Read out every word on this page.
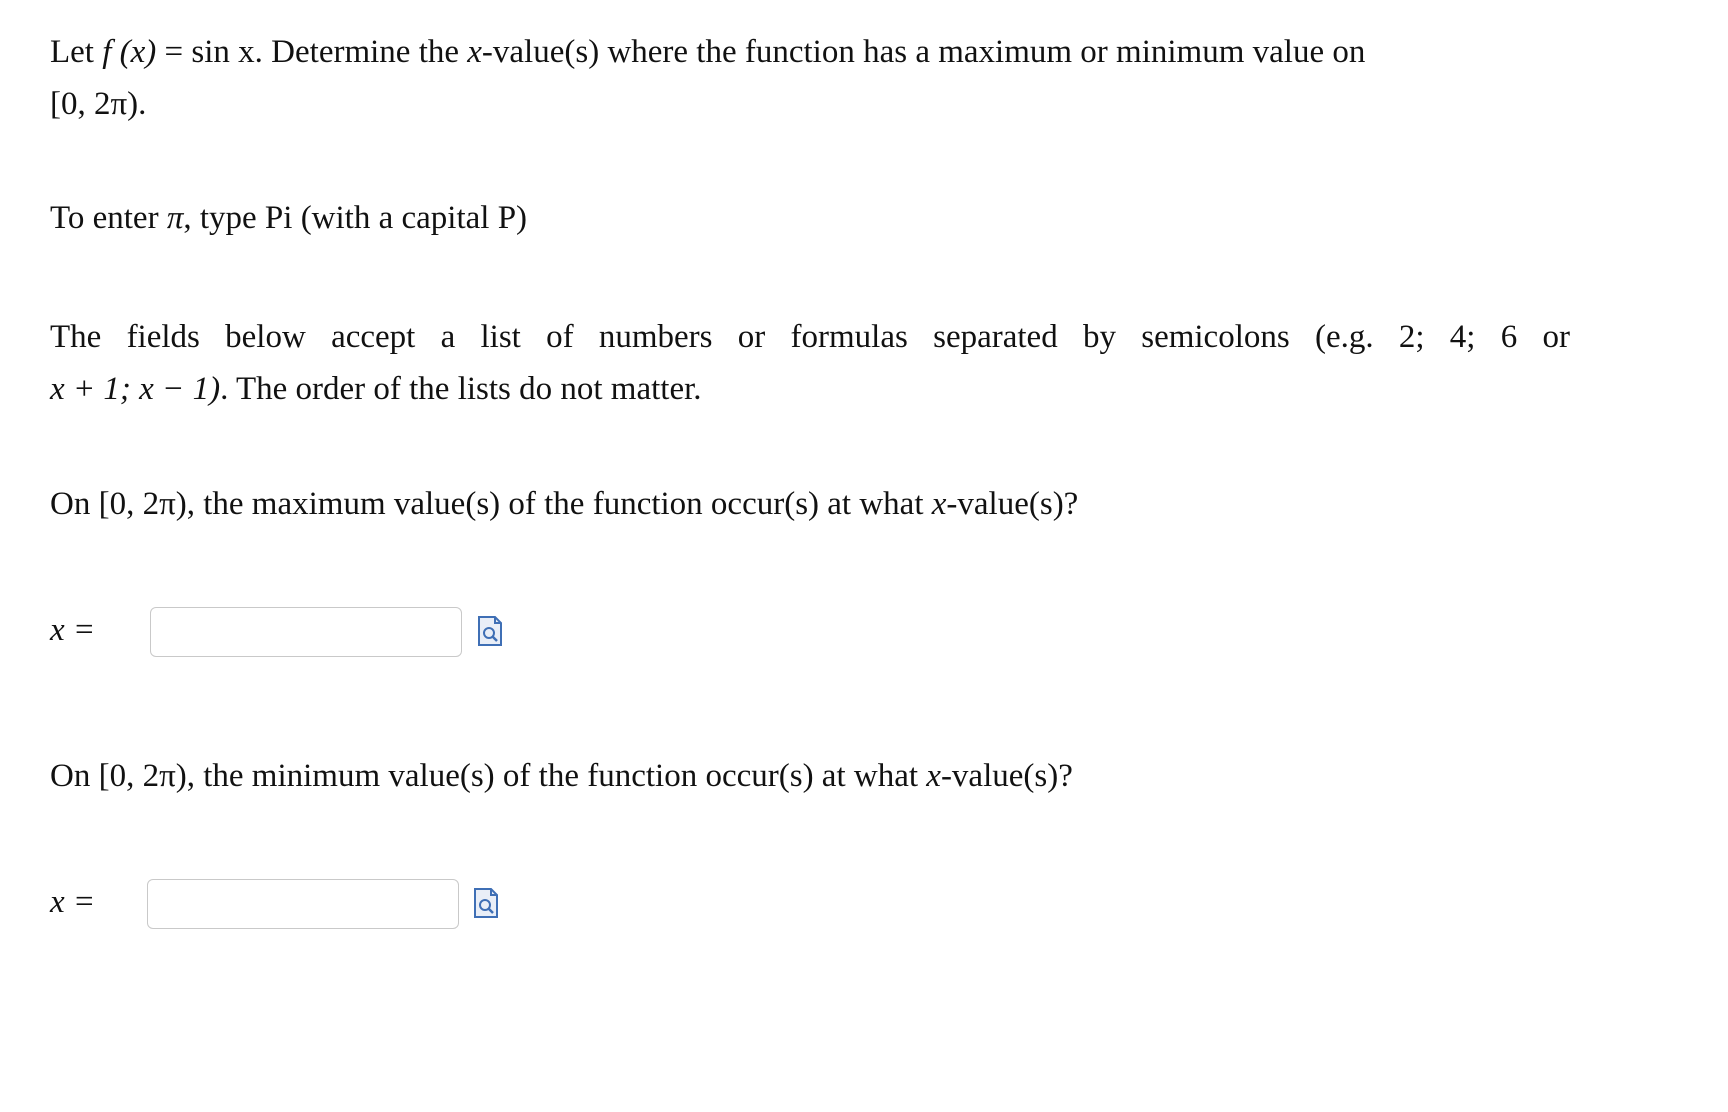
Let f (x) = sin x. Determine the x-value(s) where the function has a maximum or minimum value on
[0, 2π).
To enter π, type Pi (with a capital P)
The fields below accept a list of numbers or formulas separated by semicolons (e.g. 2; 4; 6 or
x + 1; x − 1). The order of the lists do not matter.
On [0, 2π), the maximum value(s) of the function occur(s) at what x-value(s)?
x =
On [0, 2π), the minimum value(s) of the function occur(s) at what x-value(s)?
x =
